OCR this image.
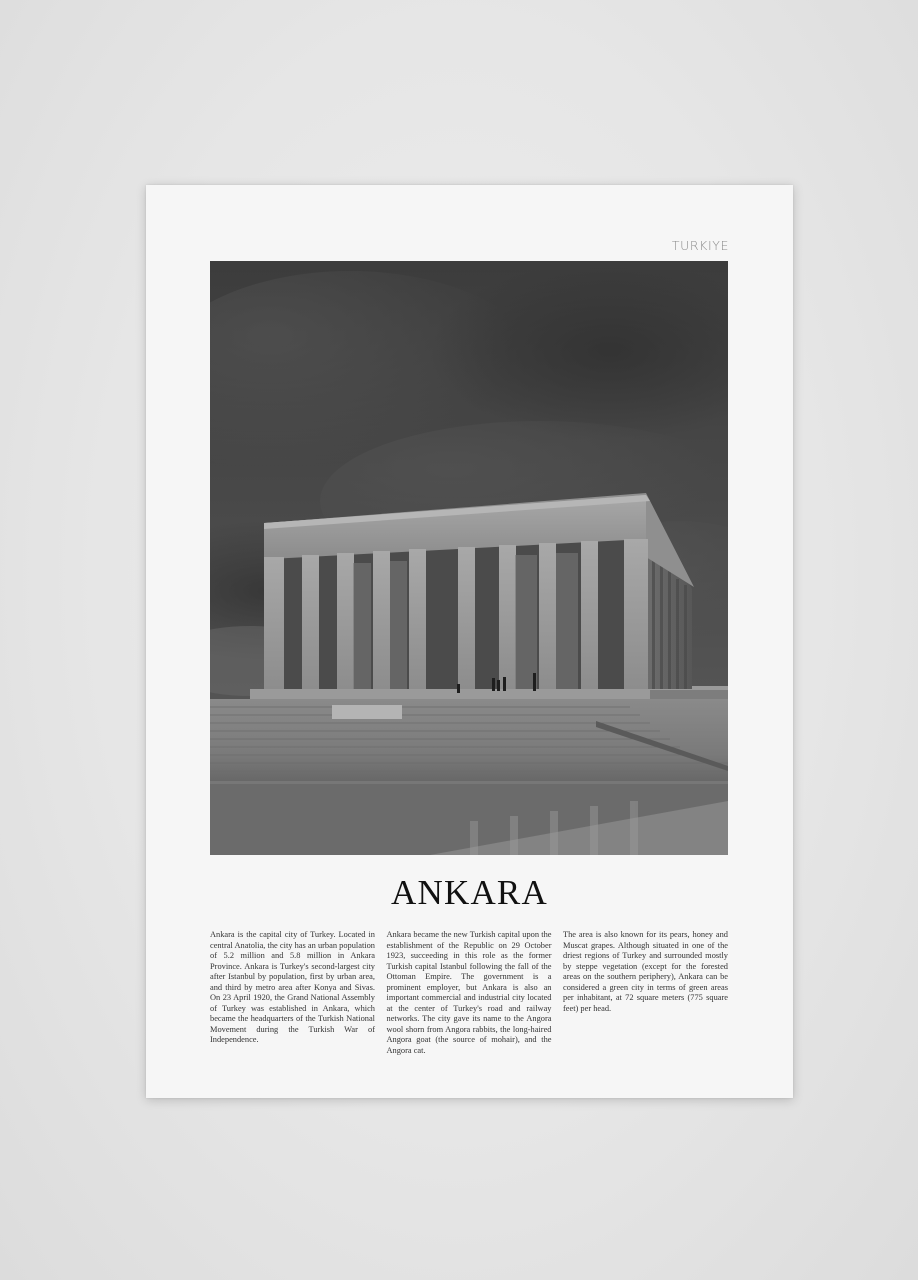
TURKIYE
ANKARA
Ankara is the capital city of Turkey. Located in central Anatolia, the city has an urban population of 5.2 million and 5.8 million in Ankara Province. Ankara is Turkey's second-largest city after Istanbul by population, first by urban area, and third by metro area after Konya and Sivas. On 23 April 1920, the Grand National Assembly of Turkey was established in Ankara, which became the headquarters of the Turkish National Movement during the Turkish War of Independence.
Ankara became the new Turkish capital upon the establishment of the Republic on 29 October 1923, succeeding in this role as the former Turkish capital Istanbul following the fall of the Ottoman Empire. The government is a prominent employer, but Ankara is also an important commercial and industrial city located at the center of Turkey's road and railway networks. The city gave its name to the Angora wool shorn from Angora rabbits, the long-haired Angora goat (the source of mohair), and the Angora cat.
The area is also known for its pears, honey and Muscat grapes. Although situated in one of the driest regions of Turkey and surrounded mostly by steppe vegetation (except for the forested areas on the southern periphery), Ankara can be considered a green city in terms of green areas per inhabitant, at 72 square meters (775 square feet) per head.
